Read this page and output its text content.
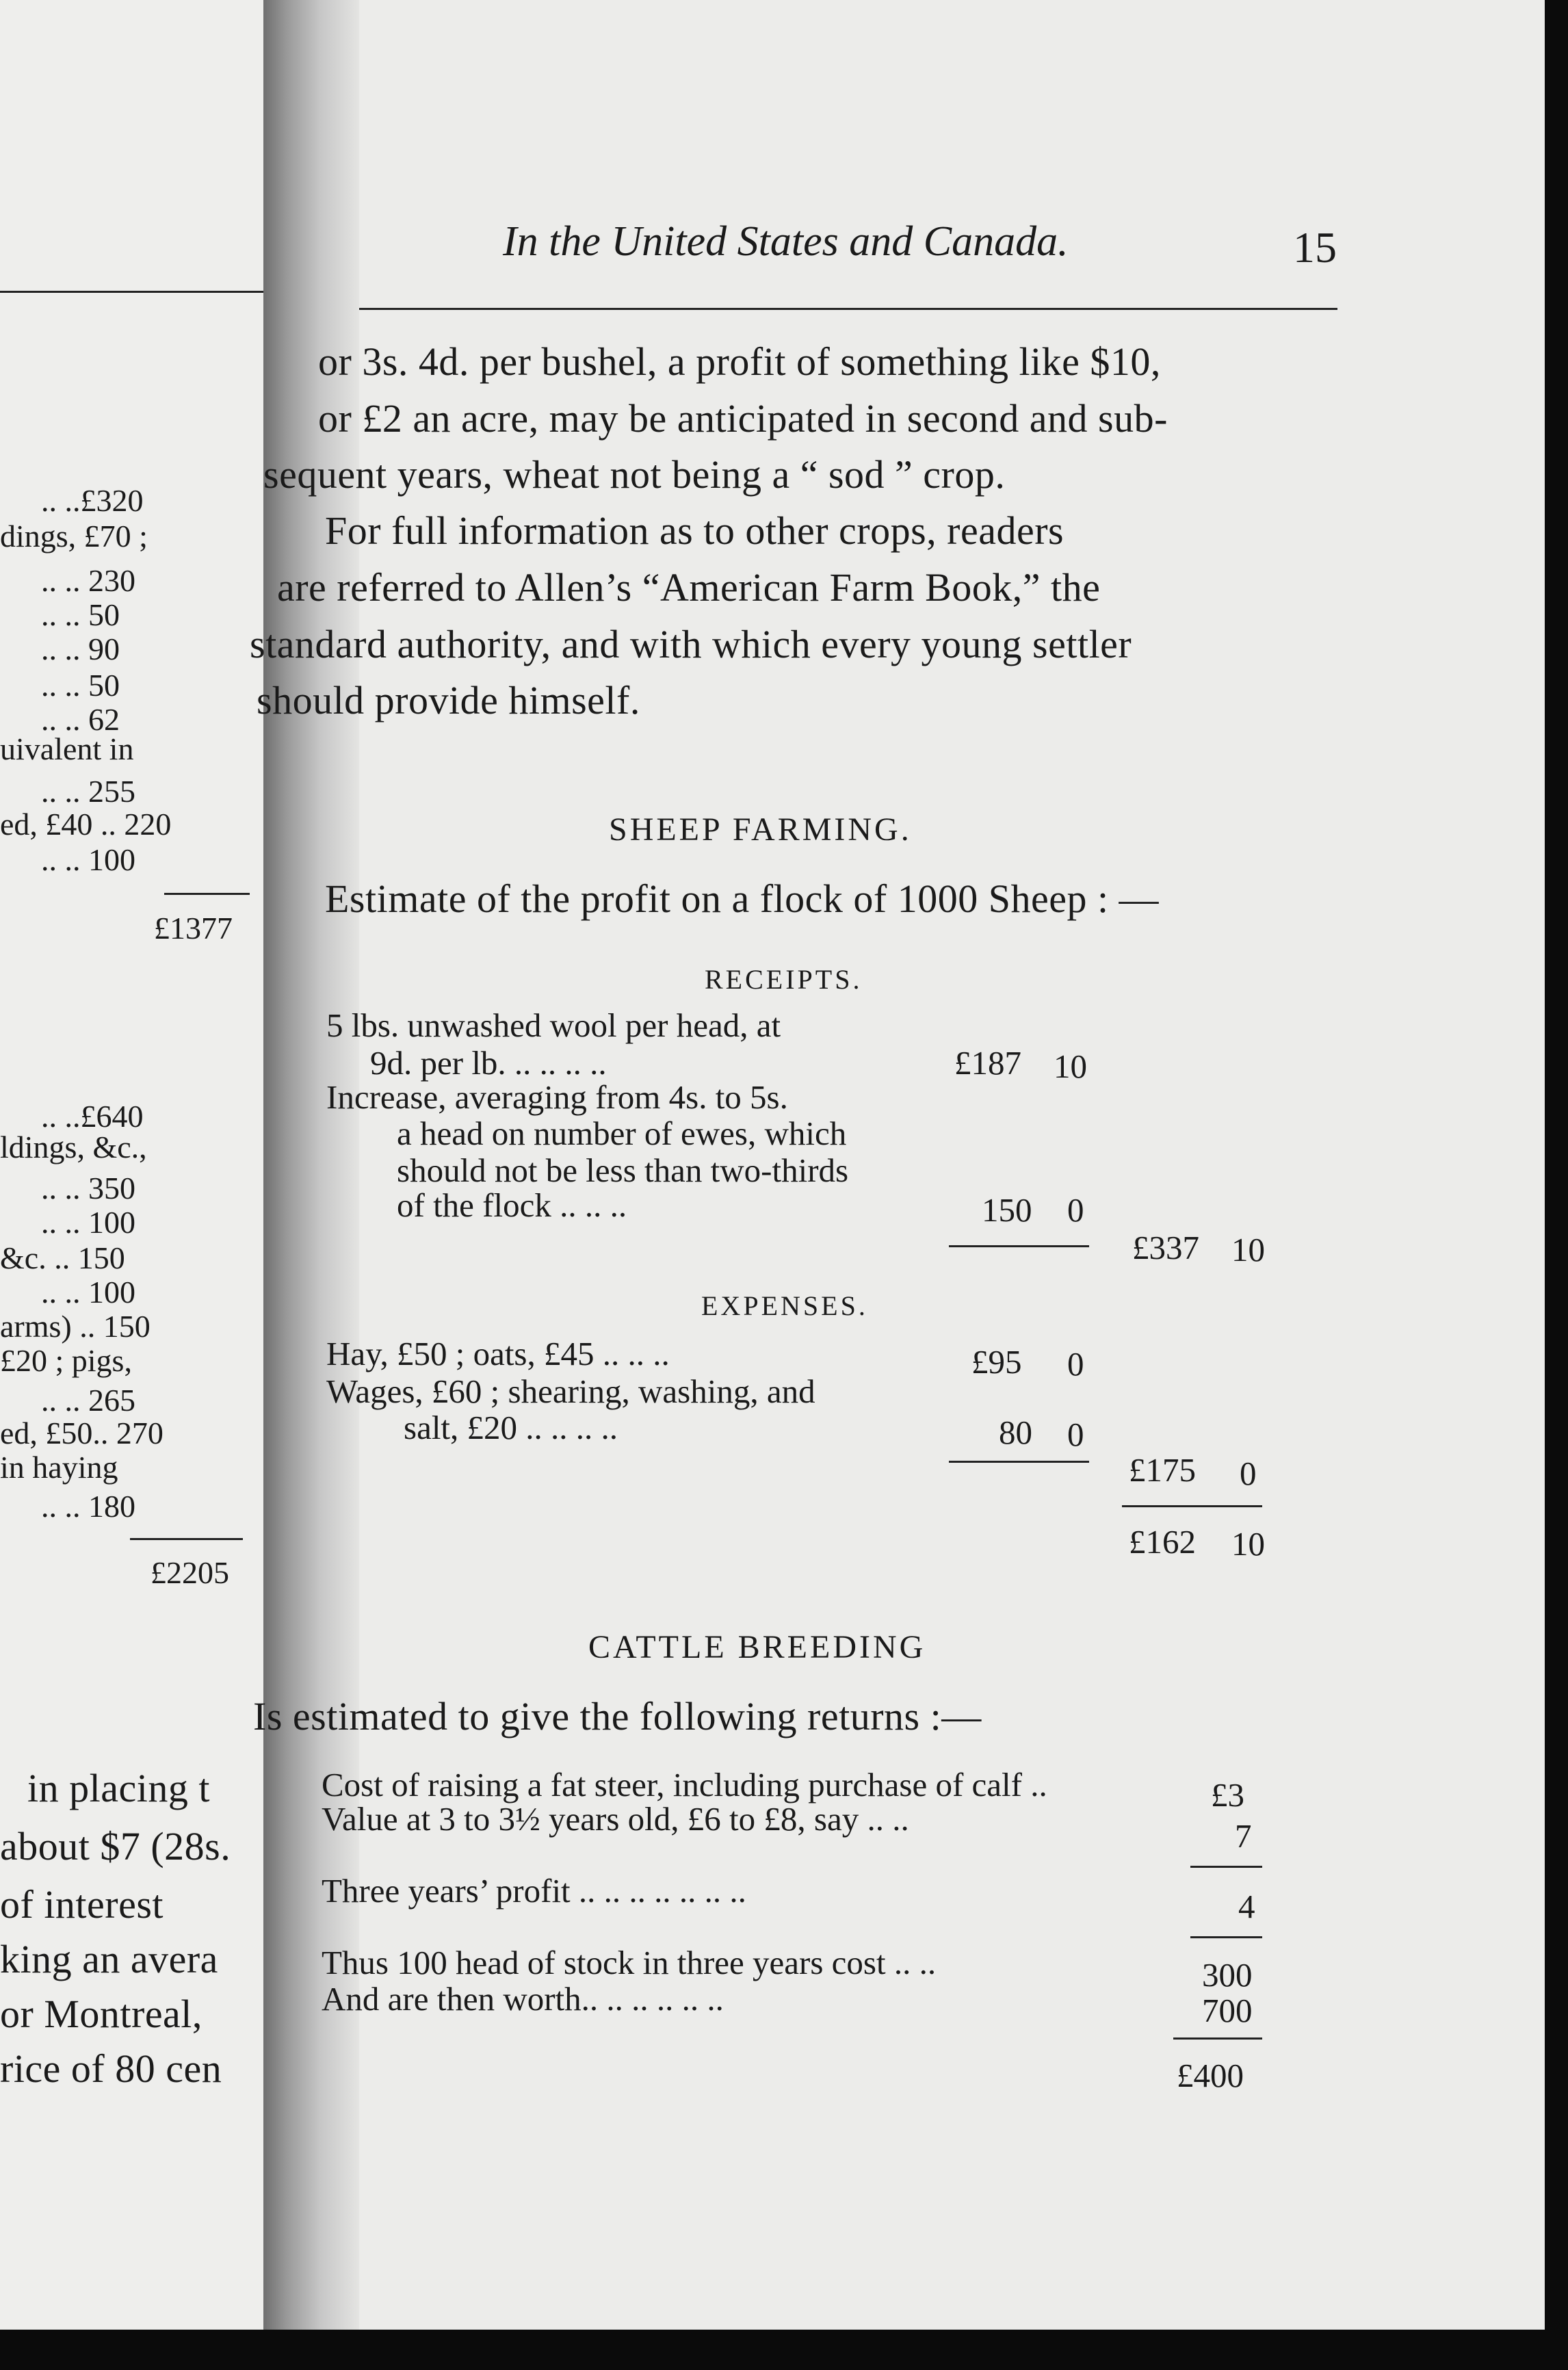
.. ..£320
dings, £70 ;
.. .. 230
.. .. 50
.. .. 90
.. .. 50
.. .. 62
uivalent in
.. .. 255
ed, £40 .. 220
.. .. 100
£1377
.. ..£640
ldings, &c.,
.. .. 350
.. .. 100
&c. .. 150
.. .. 100
arms) .. 150
£20 ; pigs,
.. .. 265
ed, £50.. 270
in haying
.. .. 180
£2205
in placing t
about $7 (28s.
of interest
king an avera
or Montreal,
rice of 80 cen
In the United States and Canada.	15
or 3s. 4d. per bushel, a profit of something like $10,
or £2 an acre, may be anticipated in second and sub-
sequent years, wheat not being a “ sod ” crop.
For full information as to other crops, readers
are referred to Allen’s “American Farm Book,” the
standard authority, and with which every young settler
should provide himself.
SHEEP FARMING.
Estimate of the profit on a flock of 1000 Sheep : —
RECEIPTS.
5 lbs. unwashed wool per head, at
9d. per lb. .. .. .. ..	£187 10
Increase, averaging from 4s. to 5s.
a head on number of ewes, which
should not be less than two-thirds
of the flock .. .. ..	150 0
£337 10
EXPENSES.
Hay, £50 ; oats, £45 .. .. ..	£95 0
Wages, £60 ; shearing, washing, and
salt, £20 .. .. .. ..	80 0
£175 0
£162 10
CATTLE BREEDING
Is estimated to give the following returns :—
Cost of raising a fat steer, including purchase of calf ..	£3
Value at 3 to 3½ years old, £6 to £8, say .. ..	7
Three years’ profit .. .. .. .. .. .. ..	4
Thus 100 head of stock in three years cost .. ..	300
And are then worth.. .. .. .. .. ..	700
£400
